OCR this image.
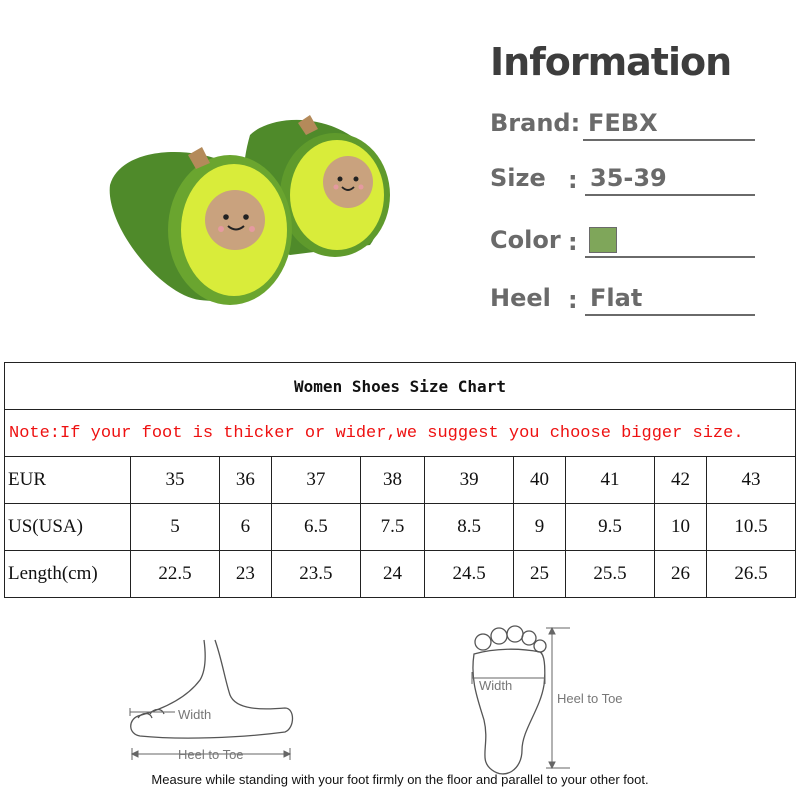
Information
Brand: FEBX
Size : 35-39
Color :
Heel : Flat
Women Shoes Size Chart									
Note:If your foot is thicker or wider,we suggest you choose bigger size.									
EUR	35	36	37	38	39	40	41	42	43
US(USA)	5	6	6.5	7.5	8.5	9	9.5	10	10.5
Length(cm)	22.5	23	23.5	24	24.5	25	25.5	26	26.5
Width
Heel to Toe
Width
Heel to Toe
Measure while standing with your foot firmly on the floor and parallel to your other foot.
